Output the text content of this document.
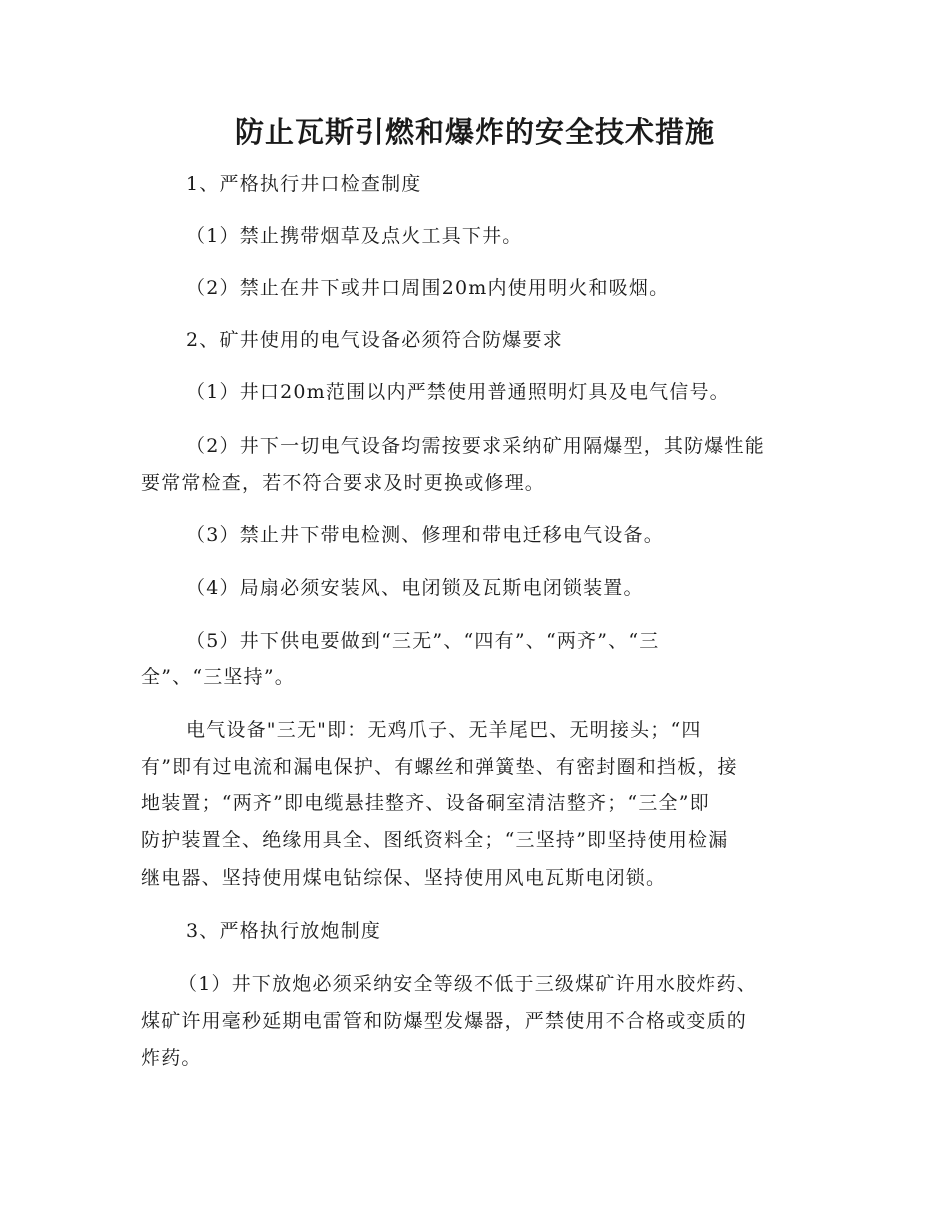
防止瓦斯引燃和爆炸的安全技术措施
1、严格执行井口检查制度
（1）禁止携带烟草及点火工具下井。
（2）禁止在井下或井口周围20m内使用明火和吸烟。
2、矿井使用的电气设备必须符合防爆要求
（1）井口20m范围以内严禁使用普通照明灯具及电气信号。
（2）井下一切电气设备均需按要求采纳矿用隔爆型，其防爆性能
要常常检查，若不符合要求及时更换或修理。
（3）禁止井下带电检测、修理和带电迁移电气设备。
（4）局扇必须安装风、电闭锁及瓦斯电闭锁装置。
（5）井下供电要做到“三无”、“四有”、“两齐”、“三
全”、“三坚持”。
电气设备"三无"即：无鸡爪子、无羊尾巴、无明接头；“四
有”即有过电流和漏电保护、有螺丝和弹簧垫、有密封圈和挡板，接
地装置；“两齐”即电缆悬挂整齐、设备硐室清洁整齐；“三全”即
防护装置全、绝缘用具全、图纸资料全；“三坚持”即坚持使用检漏
继电器、坚持使用煤电钻综保、坚持使用风电瓦斯电闭锁。
3、严格执行放炮制度
（1）井下放炮必须采纳安全等级不低于三级煤矿许用水胶炸药、
煤矿许用毫秒延期电雷管和防爆型发爆器，严禁使用不合格或变质的
炸药。
